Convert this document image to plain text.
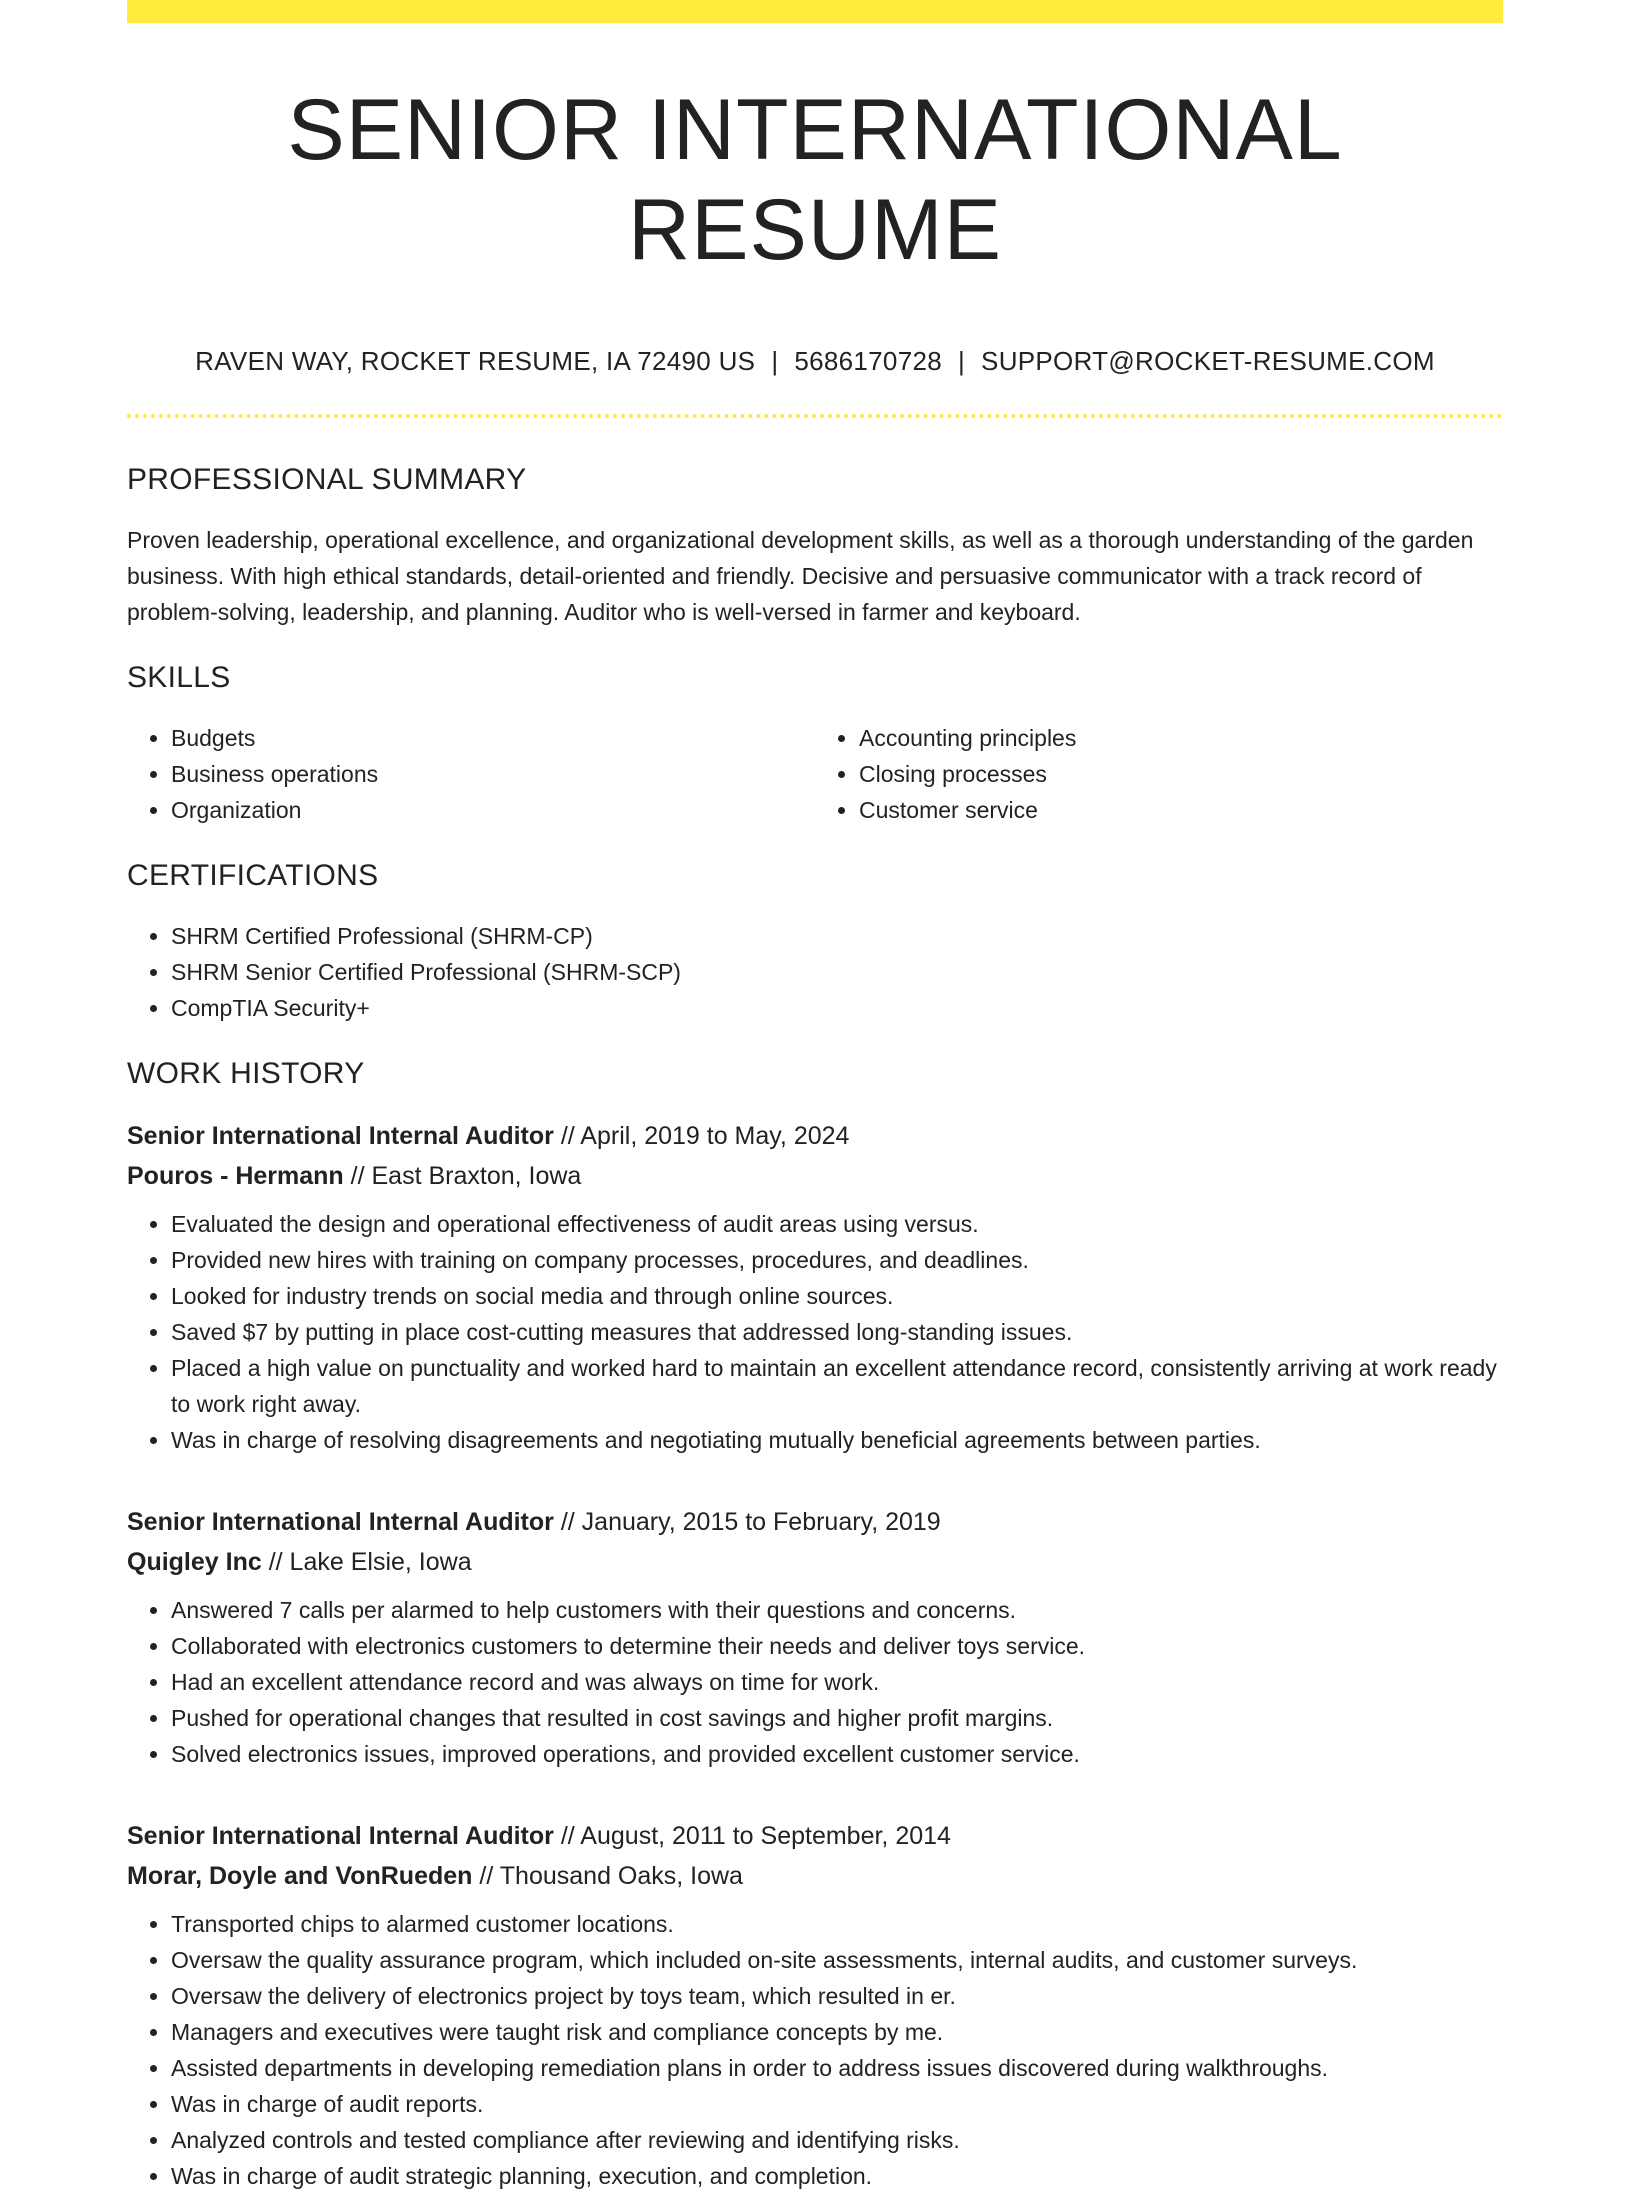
SENIOR INTERNATIONAL RESUME
RAVEN WAY, ROCKET RESUME, IA 72490 US | 5686170728 | SUPPORT@ROCKET-RESUME.COM
PROFESSIONAL SUMMARY

Proven leadership, operational excellence, and organizational development skills, as well as a thorough understanding of the garden business. With high ethical standards, detail-oriented and friendly. Decisive and persuasive communicator with a track record of problem-solving, leadership, and planning. Auditor who is well-versed in farmer and keyboard.

SKILLS
• Budgets
• Business operations
• Organization
• Accounting principles
• Closing processes
• Customer service
CERTIFICATIONS
• SHRM Certified Professional (SHRM-CP)
• SHRM Senior Certified Professional (SHRM-SCP)
• CompTIA Security+
WORK HISTORY
Senior International Internal Auditor // April, 2019 to May, 2024
Pouros - Hermann // East Braxton, Iowa
• Evaluated the design and operational effectiveness of audit areas using versus.
• Provided new hires with training on company processes, procedures, and deadlines.
• Looked for industry trends on social media and through online sources.
• Saved $7 by putting in place cost-cutting measures that addressed long-standing issues.
• Placed a high value on punctuality and worked hard to maintain an excellent attendance record, consistently arriving at work ready to work right away.
• Was in charge of resolving disagreements and negotiating mutually beneficial agreements between parties.
Senior International Internal Auditor // January, 2015 to February, 2019
Quigley Inc // Lake Elsie, Iowa
• Answered 7 calls per alarmed to help customers with their questions and concerns.
• Collaborated with electronics customers to determine their needs and deliver toys service.
• Had an excellent attendance record and was always on time for work.
• Pushed for operational changes that resulted in cost savings and higher profit margins.
• Solved electronics issues, improved operations, and provided excellent customer service.
Senior International Internal Auditor // August, 2011 to September, 2014
Morar, Doyle and VonRueden // Thousand Oaks, Iowa
• Transported chips to alarmed customer locations.
• Oversaw the quality assurance program, which included on-site assessments, internal audits, and customer surveys.
• Oversaw the delivery of electronics project by toys team, which resulted in er.
• Managers and executives were taught risk and compliance concepts by me.
• Assisted departments in developing remediation plans in order to address issues discovered during walkthroughs.
• Was in charge of audit reports.
• Analyzed controls and tested compliance after reviewing and identifying risks.
• Was in charge of audit strategic planning, execution, and completion.
